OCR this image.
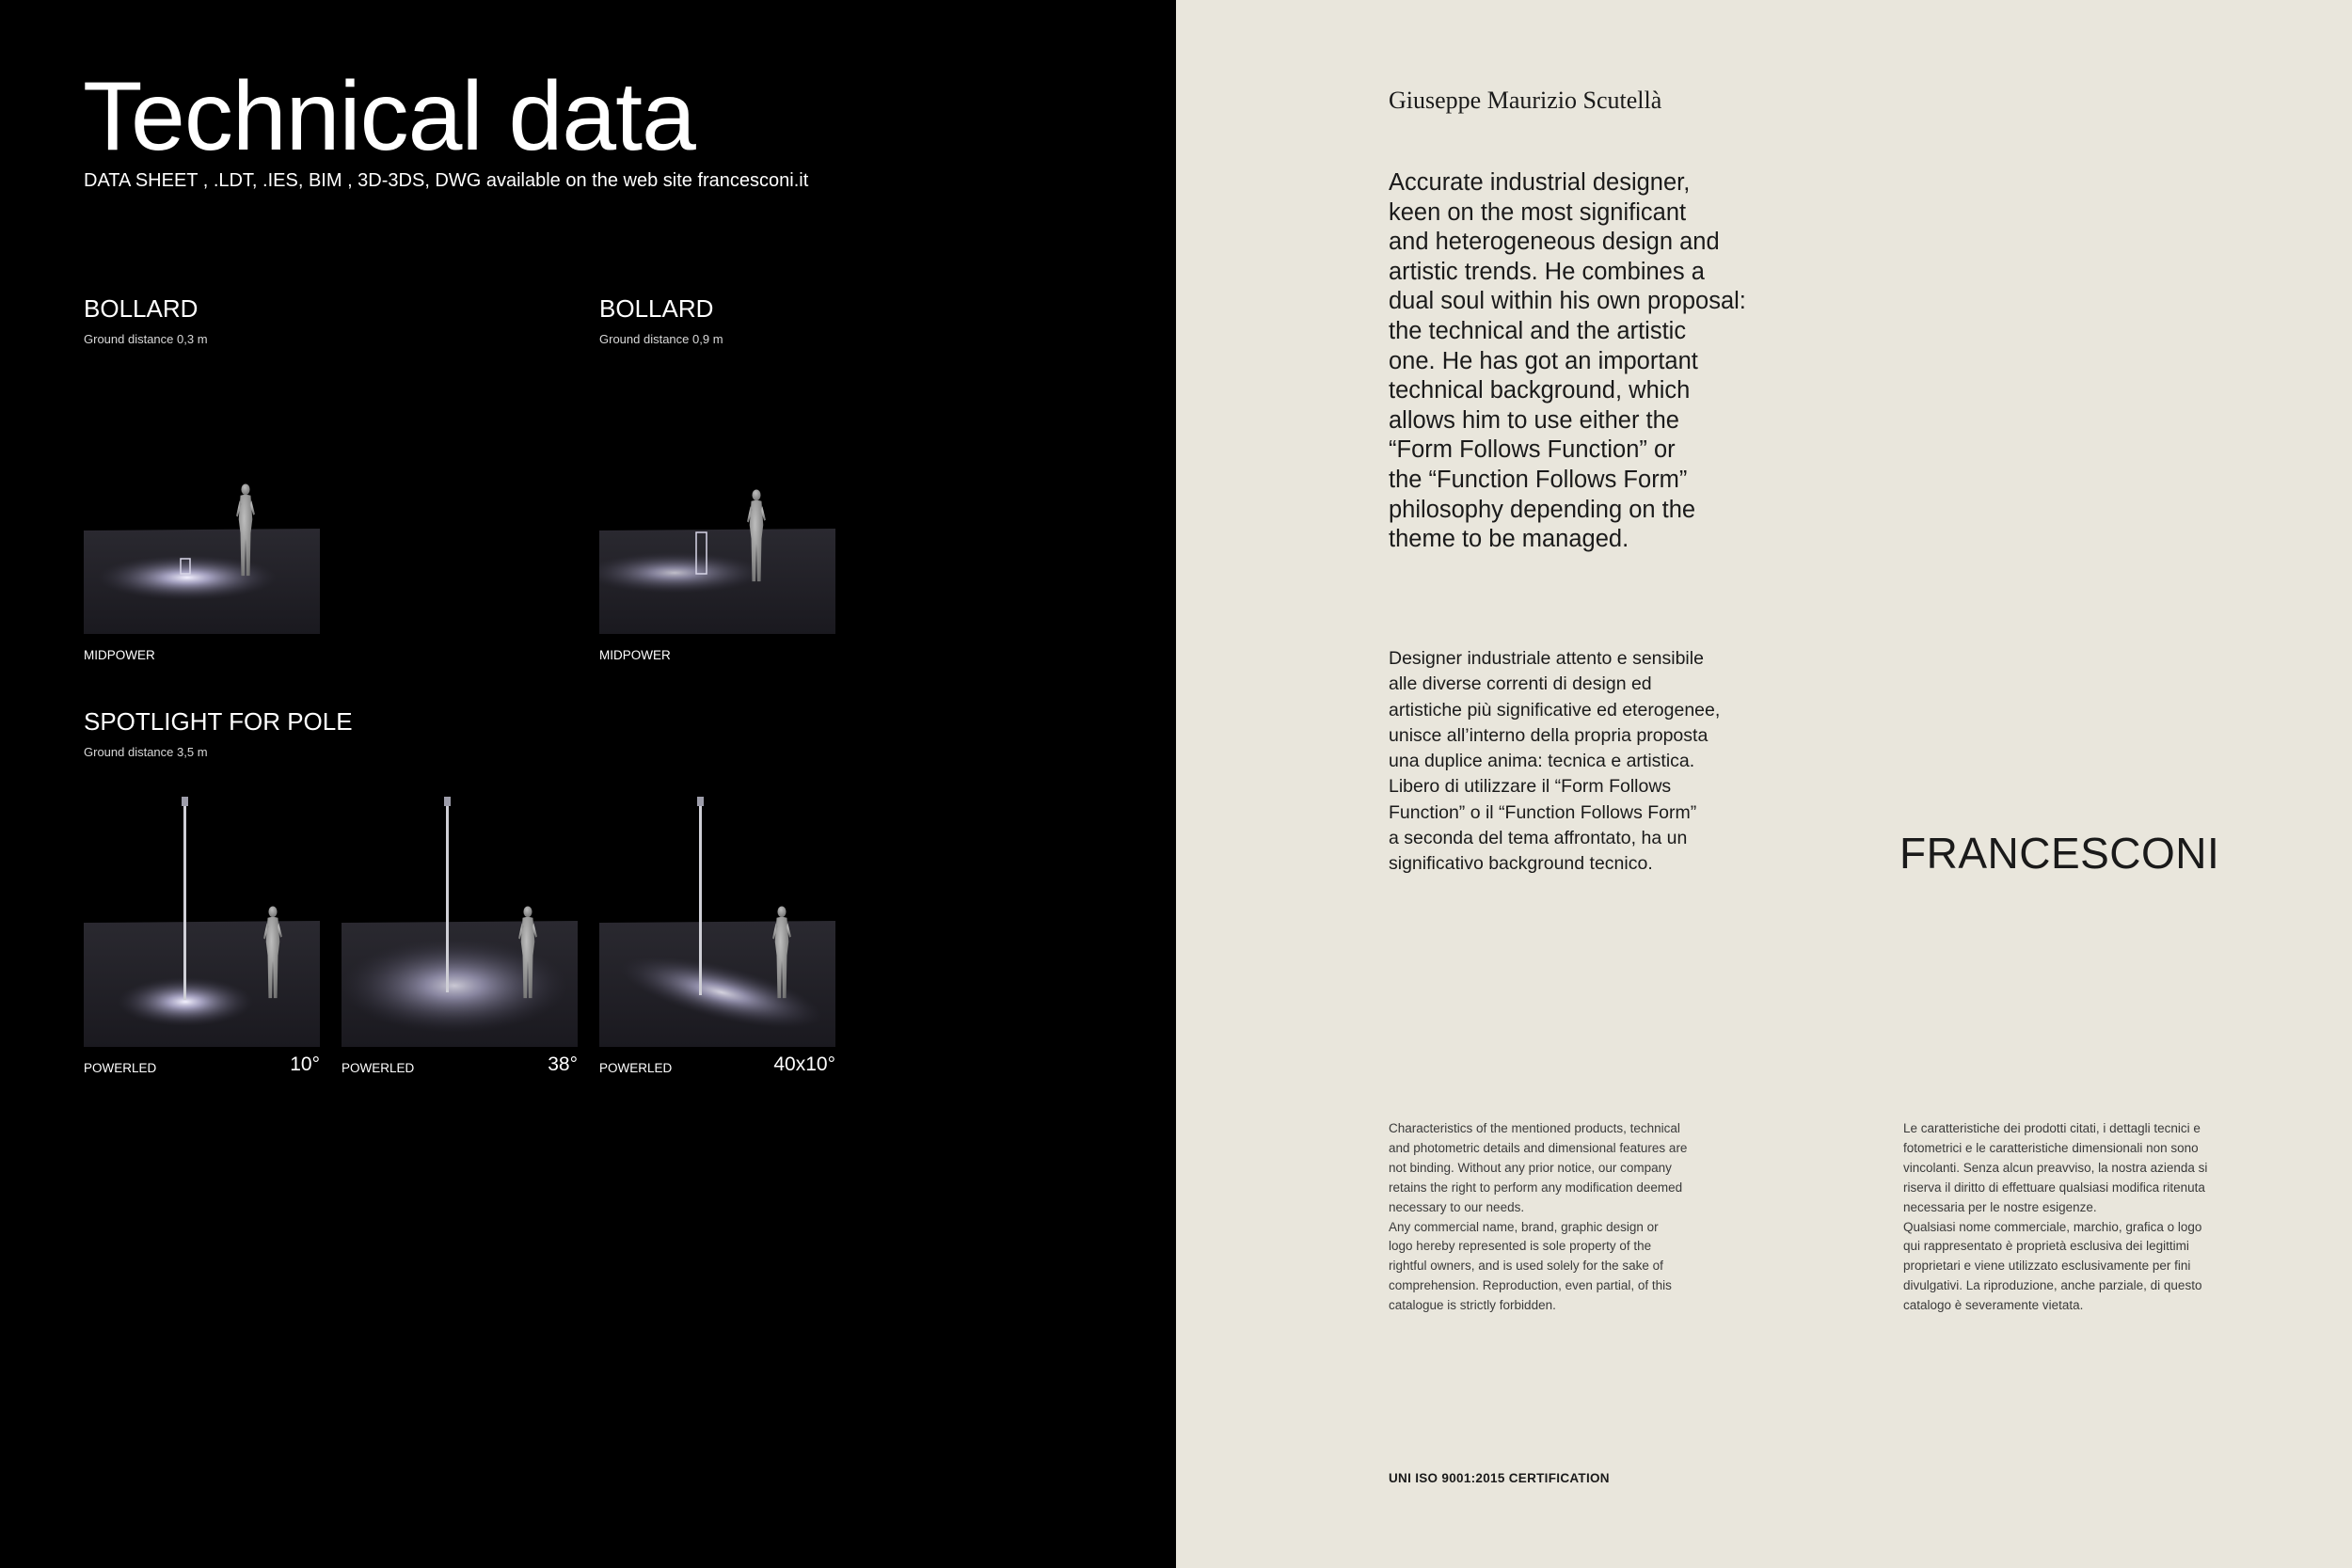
Technical data
DATA SHEET , .LDT, .IES, BIM , 3D-3DS, DWG available on the web site francesconi.it
BOLLARD
Ground distance 0,3 m
MIDPOWER
BOLLARD
Ground distance 0,9 m
MIDPOWER
SPOTLIGHT FOR POLE
Ground distance 3,5 m
POWERLED	10° POWERLED	38° POWERLED	40x10°
Giuseppe Maurizio Scutellà

Accurate industrial designer,

keen on the most significant

and heterogeneous design and

artistic trends. He combines a

dual soul within his own proposal:

the technical and the artistic

one. He has got an important

technical background, which

allows him to use either the

“Form Follows Function” or

the “Function Follows Form”

philosophy depending on the

theme to be managed.

Designer industriale attento e sensibile

alle diverse correnti di design ed

artistiche più significative ed eterogenee,

unisce all’interno della propria proposta

una duplice anima: tecnica e artistica.

Libero di utilizzare il “Form Follows

Function” o il “Function Follows Form”

a seconda del tema affrontato, ha un

significativo background tecnico.	FRANCESCONI

Characteristics of the mentioned products, technical

and photometric details and dimensional features are

not binding. Without any prior notice, our company

retains the right to perform any modification deemed

necessary to our needs.

Any commercial name, brand, graphic design or

logo hereby represented is sole property of the

rightful owners, and is used solely for the sake of

comprehension. Reproduction, even partial, of this

catalogue is strictly forbidden.

Le caratteristiche dei prodotti citati, i dettagli tecnici e

fotometrici e le caratteristiche dimensionali non sono

vincolanti. Senza alcun preavviso, la nostra azienda si

riserva il diritto di effettuare qualsiasi modifica ritenuta

necessaria per le nostre esigenze.

Qualsiasi nome commerciale, marchio, grafica o logo

qui rappresentato è proprietà esclusiva dei legittimi

proprietari e viene utilizzato esclusivamente per fini

divulgativi. La riproduzione, anche parziale, di questo

catalogo è severamente vietata.

UNI ISO 9001:2015 CERTIFICATION
